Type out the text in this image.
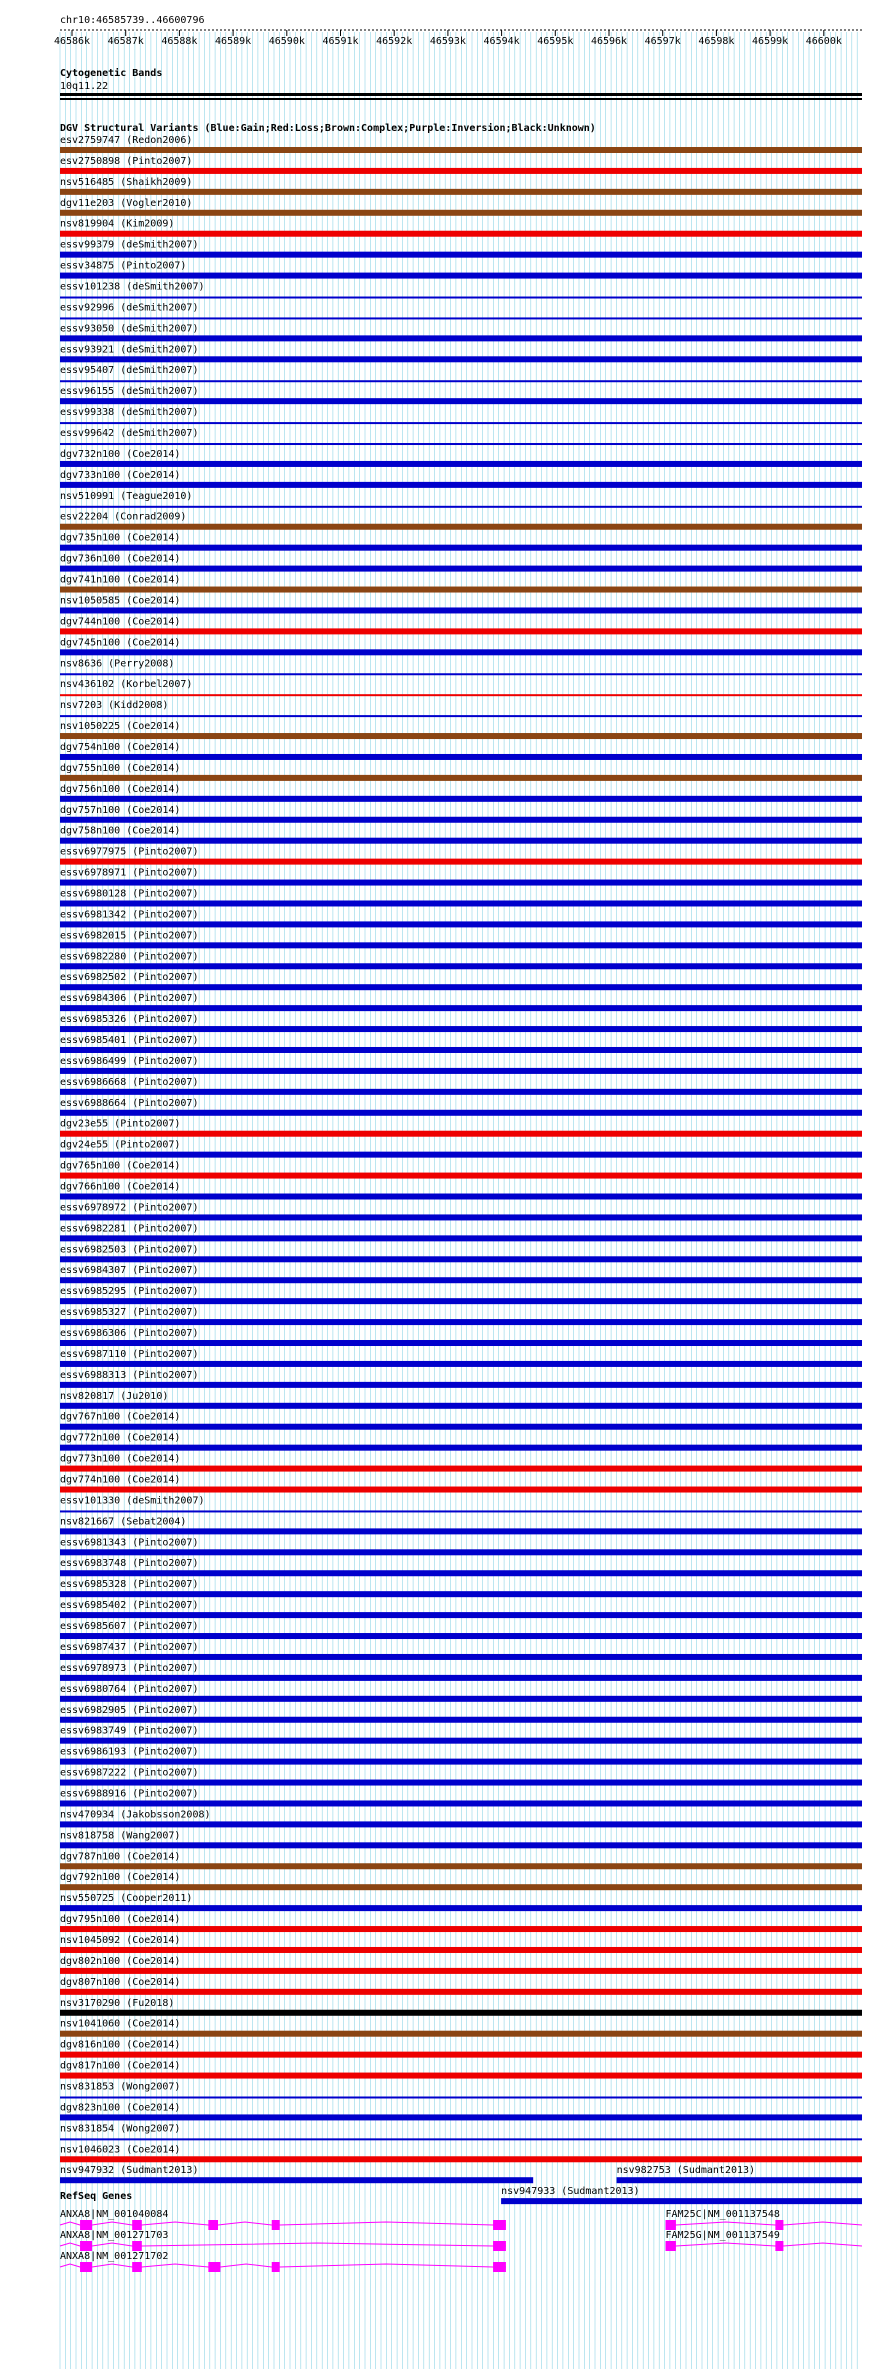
chr10:46585739..46600796
46586k 46587k 46588k 46589k 46590k 46591k 46592k 46593k 46594k 46595k 46596k 46597k 46598k 46599k 46600k
Cytogenetic Bands
10q11.22
DGV Structural Variants (Blue:Gain;Red:Loss;Brown:Complex;Purple:Inversion;Black:Unknown)
esv2759747 (Redon2006)
esv2750898 (Pinto2007)
nsv516485 (Shaikh2009)
dgv11e203 (Vogler2010)
nsv819904 (Kim2009)
essv99379 (deSmith2007)
essv34875 (Pinto2007)
essv101238 (deSmith2007)
essv92996 (deSmith2007)
essv93050 (deSmith2007)
essv93921 (deSmith2007)
essv95407 (deSmith2007)
essv96155 (deSmith2007)
essv99338 (deSmith2007)
essv99642 (deSmith2007)
dgv732n100 (Coe2014)
dgv733n100 (Coe2014)
nsv510991 (Teague2010)
esv22204 (Conrad2009)
dgv735n100 (Coe2014)
dgv736n100 (Coe2014)
dgv741n100 (Coe2014)
nsv1050585 (Coe2014)
dgv744n100 (Coe2014)
dgv745n100 (Coe2014)
nsv8636 (Perry2008)
nsv436102 (Korbel2007)
nsv7203 (Kidd2008)
nsv1050225 (Coe2014)
dgv754n100 (Coe2014)
dgv755n100 (Coe2014)
dgv756n100 (Coe2014)
dgv757n100 (Coe2014)
dgv758n100 (Coe2014)
essv6977975 (Pinto2007)
essv6978971 (Pinto2007)
essv6980128 (Pinto2007)
essv6981342 (Pinto2007)
essv6982015 (Pinto2007)
essv6982280 (Pinto2007)
essv6982502 (Pinto2007)
essv6984306 (Pinto2007)
essv6985326 (Pinto2007)
essv6985401 (Pinto2007)
essv6986499 (Pinto2007)
essv6986668 (Pinto2007)
essv6988664 (Pinto2007)
dgv23e55 (Pinto2007)
dgv24e55 (Pinto2007)
dgv765n100 (Coe2014)
dgv766n100 (Coe2014)
essv6978972 (Pinto2007)
essv6982281 (Pinto2007)
essv6982503 (Pinto2007)
essv6984307 (Pinto2007)
essv6985295 (Pinto2007)
essv6985327 (Pinto2007)
essv6986306 (Pinto2007)
essv6987110 (Pinto2007)
essv6988313 (Pinto2007)
nsv820817 (Ju2010)
dgv767n100 (Coe2014)
dgv772n100 (Coe2014)
dgv773n100 (Coe2014)
dgv774n100 (Coe2014)
essv101330 (deSmith2007)
nsv821667 (Sebat2004)
essv6981343 (Pinto2007)
essv6983748 (Pinto2007)
essv6985328 (Pinto2007)
essv6985402 (Pinto2007)
essv6985607 (Pinto2007)
essv6987437 (Pinto2007)
essv6978973 (Pinto2007)
essv6980764 (Pinto2007)
essv6982905 (Pinto2007)
essv6983749 (Pinto2007)
essv6986193 (Pinto2007)
essv6987222 (Pinto2007)
essv6988916 (Pinto2007)
nsv470934 (Jakobsson2008)
nsv818758 (Wang2007)
dgv787n100 (Coe2014)
dgv792n100 (Coe2014)
nsv550725 (Cooper2011)
dgv795n100 (Coe2014)
nsv1045092 (Coe2014)
dgv802n100 (Coe2014)
dgv807n100 (Coe2014)
nsv3170290 (Fu2018)
nsv1041060 (Coe2014)
dgv816n100 (Coe2014)
dgv817n100 (Coe2014)
nsv831853 (Wong2007)
dgv823n100 (Coe2014)
nsv831854 (Wong2007)
nsv1046023 (Coe2014)
nsv947932 (Sudmant2013)	nsv982753 (Sudmant2013)
nsv947933 (Sudmant2013)
RefSeq Genes
ANXA8|NM_001040084
ANXA8|NM_001271703
ANXA8|NM_001271702
FAM25C|NM_001137548
FAM25G|NM_001137549
